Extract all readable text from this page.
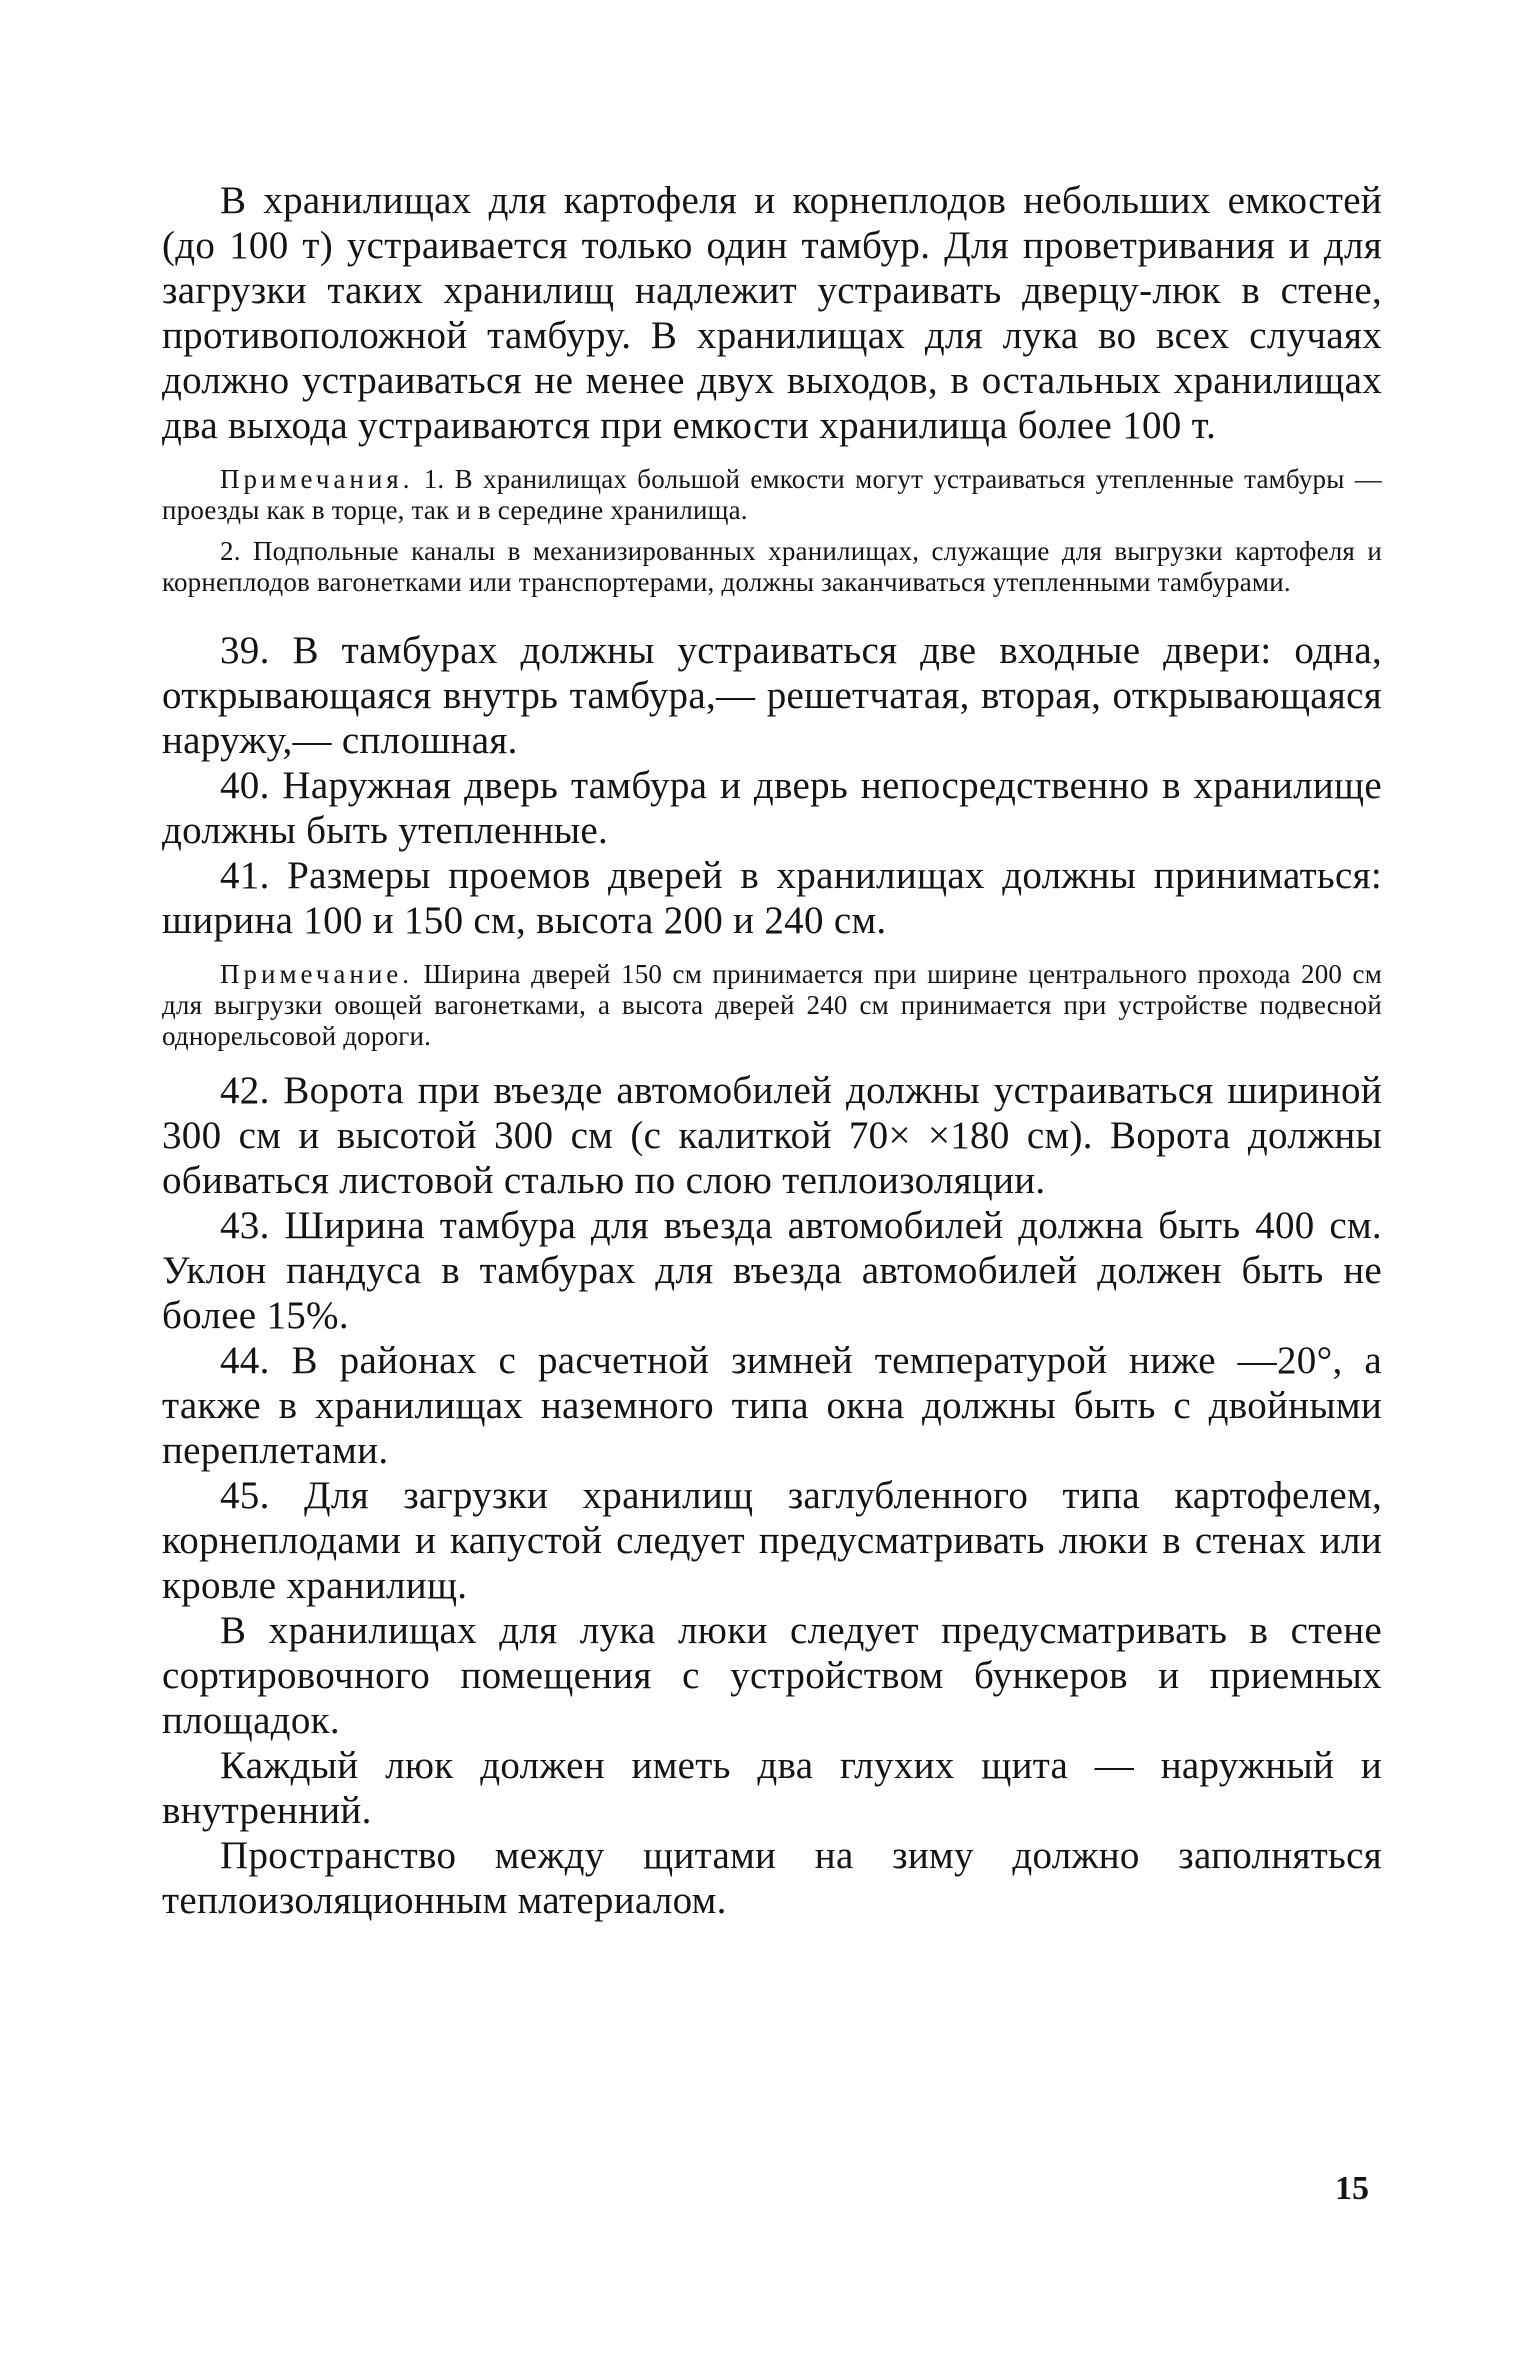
В хранилищах для картофеля и корнеплодов небольших емкостей (до 100 т) устраивается только один тамбур. Для проветривания и для загрузки таких хранилищ надлежит устраивать дверцу-люк в стене, противоположной тамбуру. В хранилищах для лука во всех случаях должно устраиваться не менее двух выходов, в остальных хранилищах два выхода устраиваются при емкости хранилища более 100 т.

Примечания. 1. В хранилищах большой емкости могут устраиваться утепленные тамбуры — проезды как в торце, так и в середине хранилища.

2. Подпольные каналы в механизированных хранилищах, служащие для выгрузки картофеля и корнеплодов вагонетками или транспортерами, должны заканчиваться утепленными тамбурами.

39. В тамбурах должны устраиваться две входные двери: одна, открывающаяся внутрь тамбура,— решетчатая, вторая, открывающаяся наружу,— сплошная.

40. Наружная дверь тамбура и дверь непосредственно в хранилище должны быть утепленные.

41. Размеры проемов дверей в хранилищах должны приниматься: ширина 100 и 150 см, высота 200 и 240 см.

Примечание. Ширина дверей 150 см принимается при ширине центрального прохода 200 см для выгрузки овощей вагонетками, а высота дверей 240 см принимается при устройстве подвесной однорельсовой дороги.

42. Ворота при въезде автомобилей должны устраиваться шириной 300 см и высотой 300 см (с калиткой 70× ×180 см). Ворота должны обиваться листовой сталью по слою теплоизоляции.

43. Ширина тамбура для въезда автомобилей должна быть 400 см. Уклон пандуса в тамбурах для въезда автомобилей должен быть не более 15%.

44. В районах с расчетной зимней температурой ниже —20°, а также в хранилищах наземного типа окна должны быть с двойными переплетами.

45. Для загрузки хранилищ заглубленного типа картофелем, корнеплодами и капустой следует предусматривать люки в стенах или кровле хранилищ.

В хранилищах для лука люки следует предусматривать в стене сортировочного помещения с устройством бункеров и приемных площадок.

Каждый люк должен иметь два глухих щита — наружный и внутренний.

Пространство между щитами на зиму должно заполняться теплоизоляционным материалом.

15
